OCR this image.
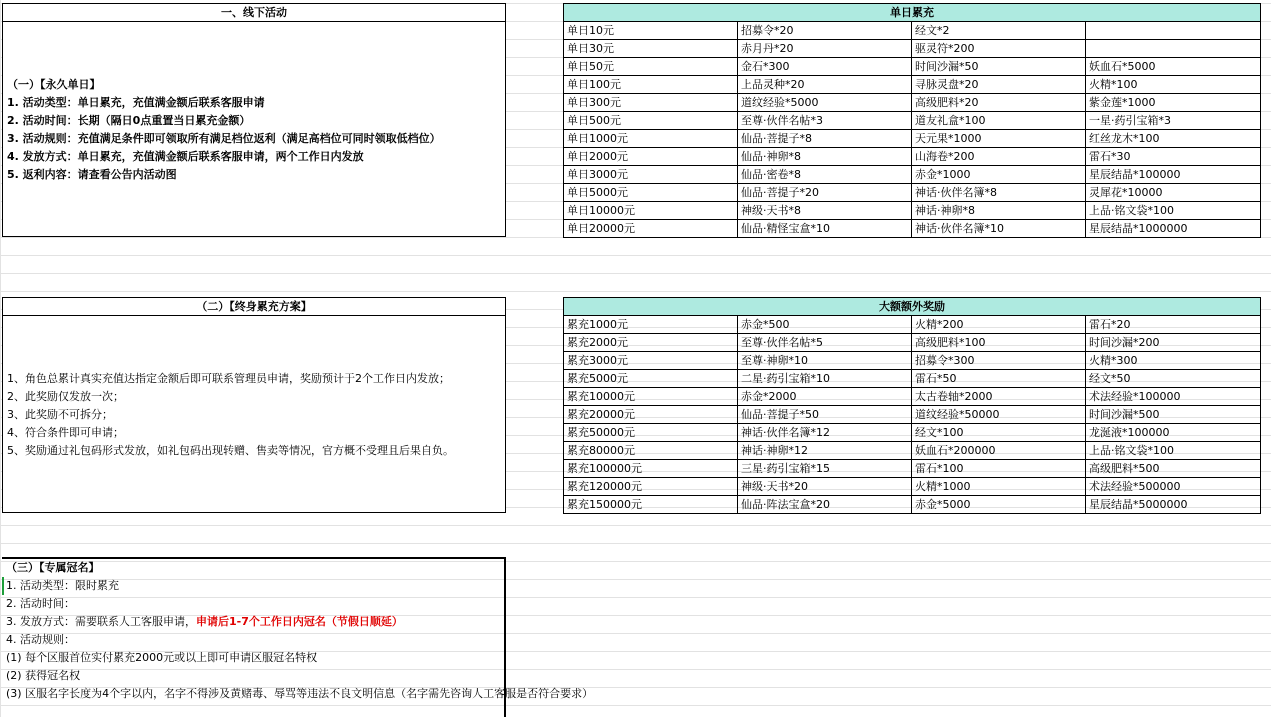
一、线下活动
（一）【永久单日】
1. 活动类型：单日累充，充值满金额后联系客服申请
2. 活动时间：长期（隔日0点重置当日累充金额）
3. 活动规则：充值满足条件即可领取所有满足档位返利（满足高档位可同时领取低档位）
4. 发放方式：单日累充，充值满金额后联系客服申请，两个工作日内发放
5. 返利内容：请查看公告内活动图
（二）【终身累充方案】
1、角色总累计真实充值达指定金额后即可联系管理员申请，奖励预计于2个工作日内发放；
2、此奖励仅发放一次；
3、此奖励不可拆分；
4、符合条件即可申请；
5、奖励通过礼包码形式发放，如礼包码出现转赠、售卖等情况，官方概不受理且后果自负。
（三）【专属冠名】
1. 活动类型：限时累充
2. 活动时间：
3. 发放方式：需要联系人工客服申请，申请后1-7个工作日内冠名（节假日顺延）
4. 活动规则：
(1) 每个区服首位实付累充2000元或以上即可申请区服冠名特权
(2) 获得冠名权
(3) 区服名字长度为4个字以内，名字不得涉及黄赌毒、辱骂等违法不良文明信息（名字需先咨询人工客服是否符合要求）
单日累充			
单日10元	招募令*20	经文*2	
单日30元	赤月丹*20	驱灵符*200	
单日50元	金石*300	时间沙漏*50	妖血石*5000
单日100元	上品灵种*20	寻脉灵盘*20	火精*100
单日300元	道纹经验*5000	高级肥料*20	紫金莲*1000
单日500元	至尊·伙伴名帖*3	道友礼盒*100	一星·药引宝箱*3
单日1000元	仙品·菩提子*8	天元果*1000	红丝龙木*100
单日2000元	仙品·神卵*8	山海卷*200	雷石*30
单日3000元	仙品·密卷*8	赤金*1000	星辰结晶*100000
单日5000元	仙品·菩提子*20	神话·伙伴名簿*8	灵犀花*10000
单日10000元	神级·天书*8	神话·神卵*8	上品·铭文袋*100
单日20000元	仙品·精怪宝盒*10	神话·伙伴名簿*10	星辰结晶*1000000
大额额外奖励			
累充1000元	赤金*500	火精*200	雷石*20
累充2000元	至尊·伙伴名帖*5	高级肥料*100	时间沙漏*200
累充3000元	至尊·神卵*10	招募令*300	火精*300
累充5000元	二星·药引宝箱*10	雷石*50	经文*50
累充10000元	赤金*2000	太古卷轴*2000	术法经验*100000
累充20000元	仙品·菩提子*50	道纹经验*50000	时间沙漏*500
累充50000元	神话·伙伴名簿*12	经文*100	龙涎液*100000
累充80000元	神话·神卵*12	妖血石*200000	上品·铭文袋*100
累充100000元	三星·药引宝箱*15	雷石*100	高级肥料*500
累充120000元	神级·天书*20	火精*1000	术法经验*500000
累充150000元	仙品·阵法宝盒*20	赤金*5000	星辰结晶*5000000
